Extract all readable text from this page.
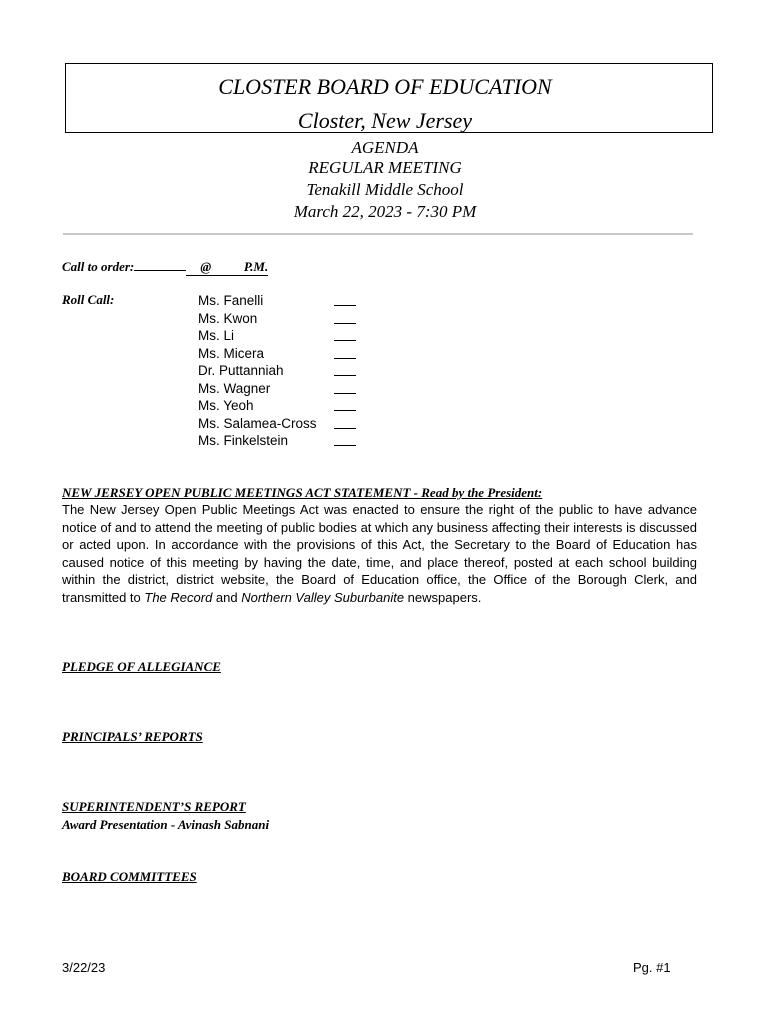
CLOSTER BOARD OF EDUCATION
Closter, New Jersey
AGENDA
REGULAR MEETING
Tenakill Middle School
March 22, 2023 - 7:30 PM
Call to order:	@	P.M.
Roll Call:	Ms. Fanelli
Ms. Kwon
Ms. Li
Ms. Micera
Dr. Puttanniah
Ms. Wagner
Ms. Yeoh
Ms. Salamea-Cross
Ms. Finkelstein
NEW JERSEY OPEN PUBLIC MEETINGS ACT STATEMENT - Read by the President:

The New Jersey Open Public Meetings Act was enacted to ensure the right of the public to have advance notice of and to attend the meeting of public bodies at which any business affecting their interests is discussed or acted upon. In accordance with the provisions of this Act, the Secretary to the Board of Education has caused notice of this meeting by having the date, time, and place thereof, posted at each school building within the district, district website, the Board of Education office, the Office of the Borough Clerk, and transmitted to The Record and Northern Valley Suburbanite newspapers.

PLEDGE OF ALLEGIANCE
PRINCIPALS’ REPORTS
SUPERINTENDENT’S REPORT
Award Presentation - Avinash Sabnani
BOARD COMMITTEES
3/22/23	Pg. #1
